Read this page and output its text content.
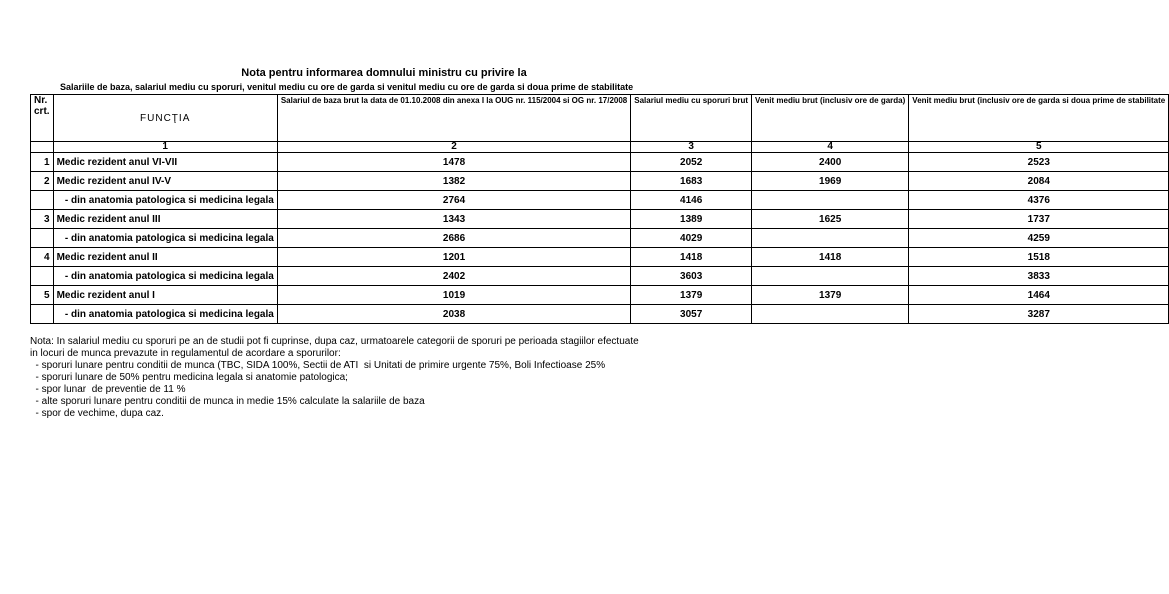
Nota pentru informarea domnului ministru cu privire la
Salariile de baza, salariul mediu cu sporuri, venitul mediu cu ore de garda si venitul mediu cu ore de garda si doua prime de stabilitate
Nr. crt.	FUNCŢIA	Salariul de baza brut la data de 01.10.2008 din anexa I la OUG nr. 115/2004 si OG nr. 17/2008	Salariul mediu cu sporuri brut	Venit mediu brut (inclusiv ore de garda)	Venit mediu brut (inclusiv ore de garda si doua prime de stabilitate
	1	2	3	4	5
1	Medic rezident anul VI-VII	1478	2052	2400	2523
2	Medic rezident anul IV-V	1382	1683	1969	2084
	- din anatomia patologica si medicina legala	2764	4146		4376
3	Medic rezident anul III	1343	1389	1625	1737
	- din anatomia patologica si medicina legala	2686	4029		4259
4	Medic rezident anul II	1201	1418	1418	1518
	- din anatomia patologica si medicina legala	2402	3603		3833
5	Medic rezident anul I	1019	1379	1379	1464
	- din anatomia patologica si medicina legala	2038	3057		3287
Nota: In salariul mediu cu sporuri pe an de studii pot fi cuprinse, dupa caz, urmatoarele categorii de sporuri pe perioada stagiilor efectuate
in locuri de munca prevazute in regulamentul de acordare a sporurilor:
- sporuri lunare pentru conditii de munca (TBC, SIDA 100%, Sectii de ATI  si Unitati de primire urgente 75%, Boli Infectioase 25%
- sporuri lunare de 50% pentru medicina legala si anatomie patologica;
- spor lunar  de preventie de 11 %
- alte sporuri lunare pentru conditii de munca in medie 15% calculate la salariile de baza
- spor de vechime, dupa caz.
